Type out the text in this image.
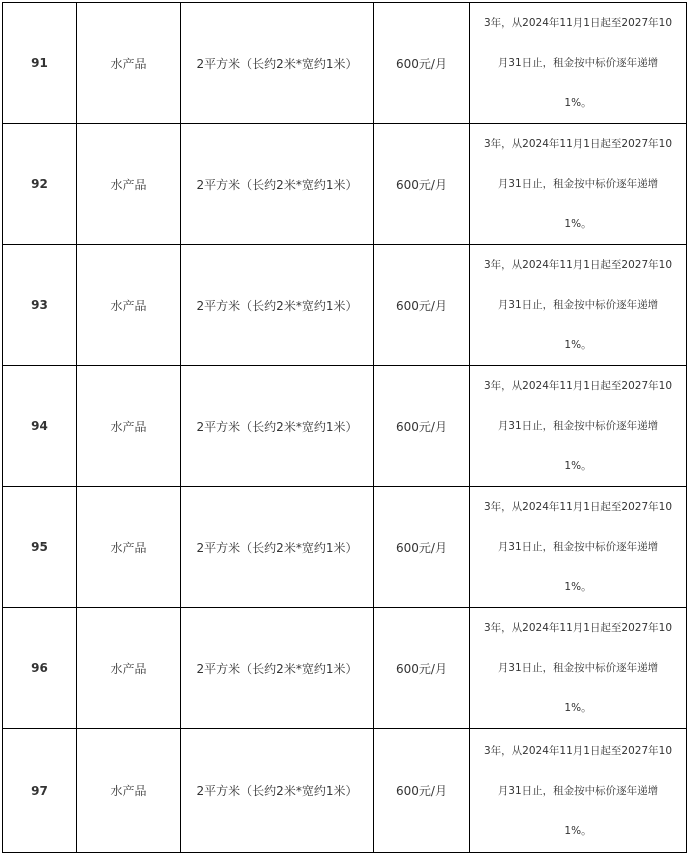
91	水产品	2平方米（长约2米*宽约1米）	600元/月	3年，从2024年11月1日起至2027年10
月31日止，租金按中标价逐年递增
1%。

92	水产品	2平方米（长约2米*宽约1米）	600元/月	3年，从2024年11月1日起至2027年10
月31日止，租金按中标价逐年递增
1%。

93	水产品	2平方米（长约2米*宽约1米）	600元/月	3年，从2024年11月1日起至2027年10
月31日止，租金按中标价逐年递增
1%。

94	水产品	2平方米（长约2米*宽约1米）	600元/月	3年，从2024年11月1日起至2027年10
月31日止，租金按中标价逐年递增
1%。

95	水产品	2平方米（长约2米*宽约1米）	600元/月	3年，从2024年11月1日起至2027年10
月31日止，租金按中标价逐年递增
1%。

96	水产品	2平方米（长约2米*宽约1米）	600元/月	3年，从2024年11月1日起至2027年10
月31日止，租金按中标价逐年递增
1%。

97	水产品	2平方米（长约2米*宽约1米）	600元/月	3年，从2024年11月1日起至2027年10
月31日止，租金按中标价逐年递增
1%。
